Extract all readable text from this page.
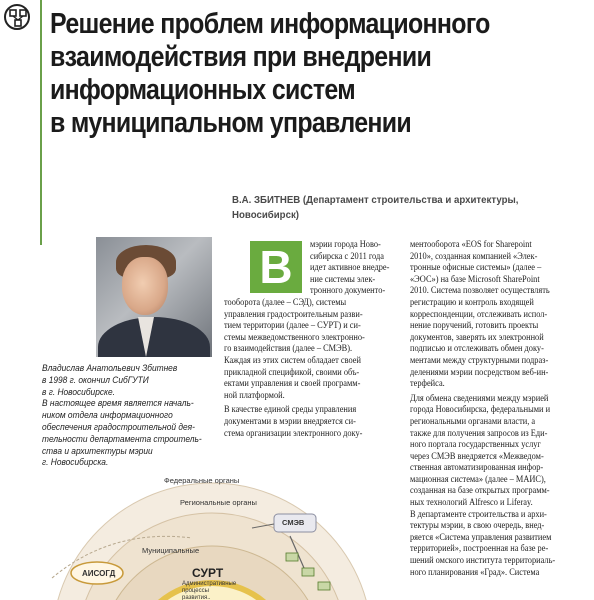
Решение проблем информационного
взаимодействия при внедрении
информационных систем
в муниципальном управлении
В.А. ЗБИТНЕВ (Департамент строительства и архитектуры,
Новосибирск)
Владислав Анатольевич Збитнев
в 1998 г. окончил СибГУТИ
в г. Новосибирске.
В настоящее время является началь-
ником отдела информационного
обеспечения градостроительной дея-
тельности департамента строитель-
ства и архитектуры мэрии
г. Новосибирска.
В	мэрии города Ново-
сибирска с 2011 года
идет активное внедре-
ние системы элек-
тронного документо-
тооборота (далее – СЭД), системы
управления градостроительным разви-
тием территории (далее – СУРТ) и си-
стемы межведомственного электронно-
го взаимодействия (далее – СМЭВ).
Каждая из этих систем обладает своей
прикладной спецификой, своими объ-
ектами управления и своей программ-
ной платформой.
В качестве единой среды управления
документами в мэрии внедряется си-
стема организации электронного доку-
ментооборота «EOS for Sharepoint
2010», созданная компанией «Элек-
тронные офисные системы» (далее –
«ЭОС») на базе Microsoft SharePoint
2010. Система позволяет осуществлять
регистрацию и контроль входящей
корреспонденции, отслеживать испол-
нение поручений, готовить проекты
документов, заверять их электронной
подписью и отслеживать обмен доку-
ментами между структурными подраз-
делениями мэрии посредством веб-ин-
терфейса.
Для обмена сведениями между мэрией
города Новосибирска, федеральными и
региональными органами власти, а
также для получения запросов из Еди-
ного портала государственных услуг
через СМЭВ внедряется «Межведом-
ственная автоматизированная инфор-
мационная система» (далее – МАИС),
созданная на базе открытых программ-
ных технологий Alfresco и Liferay.
В департаменте строительства и архи-
тектуры мэрии, в свою очередь, внед-
ряется «Система управления развитием
территорией», построенная на базе ре-
шений омского института территориаль-
ного планирования «Град». Система
Федеральные органы
Региональные органы
Муниципальные
СМЭВ
АИСОГД	СУРТ
Административные
процессы
развития..
